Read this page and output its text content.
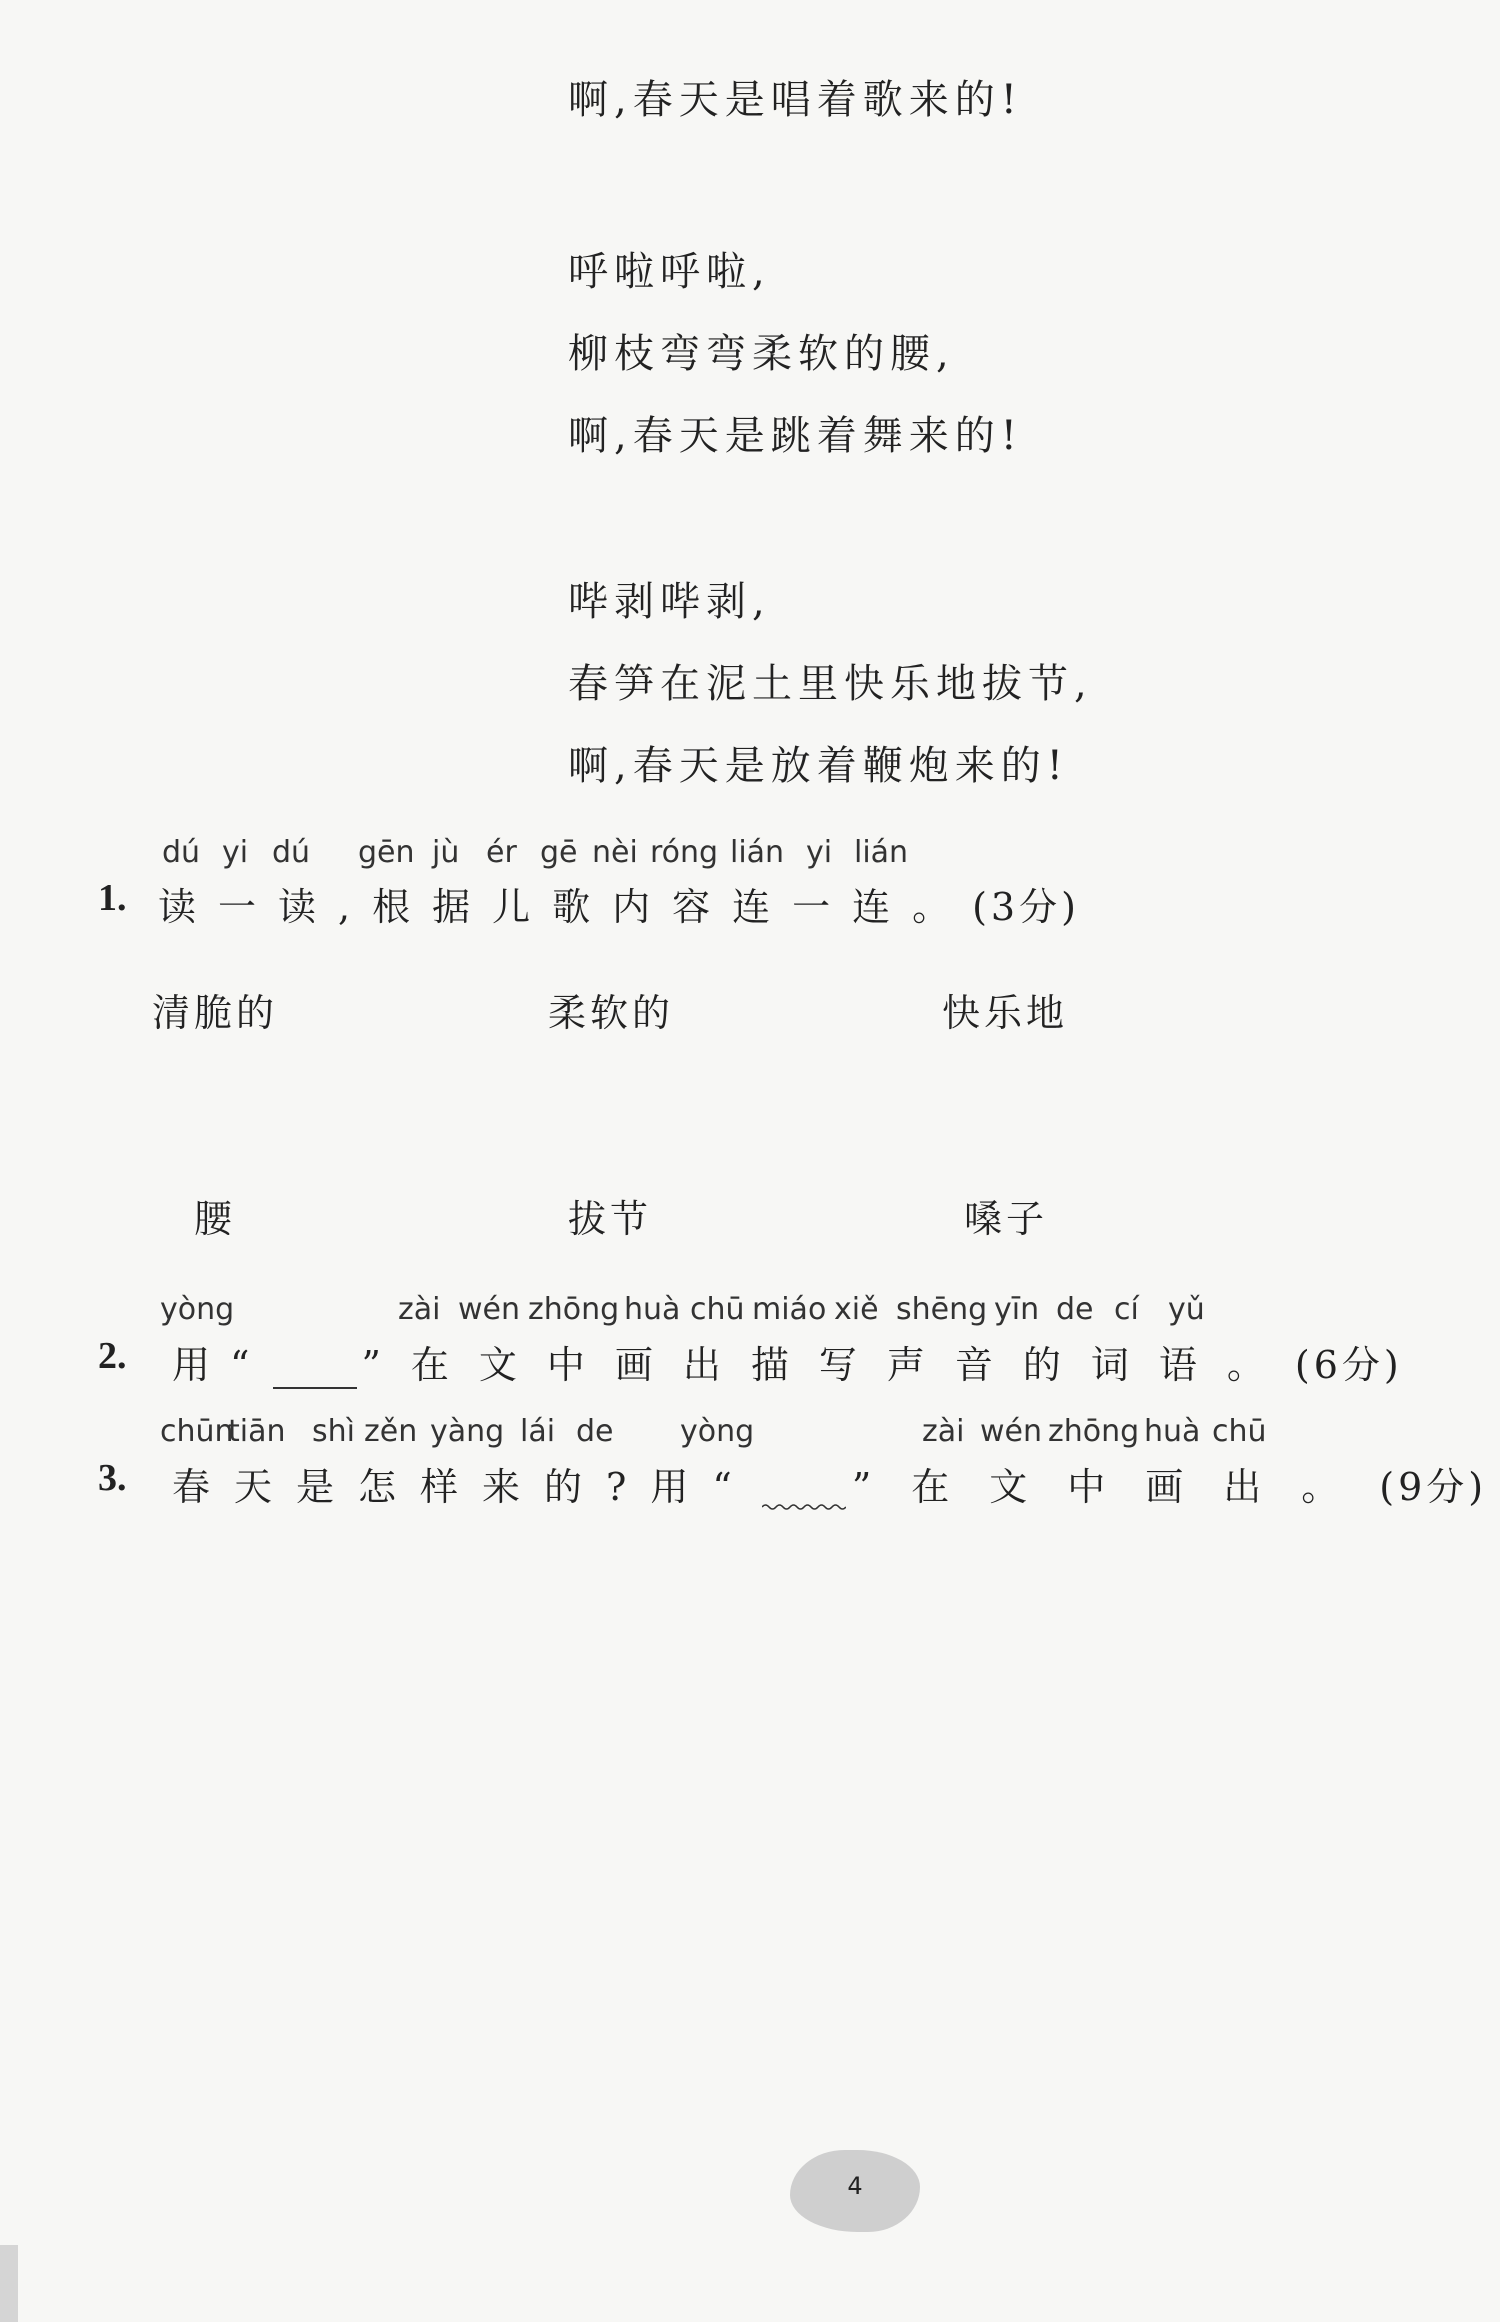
啊,春天是唱着歌来的!
呼啦呼啦,
柳枝弯弯柔软的腰,
啊,春天是跳着舞来的!
哔剥哔剥,
春笋在泥土里快乐地拔节,
啊,春天是放着鞭炮来的!
dú yi dú gēn jù ér gē nèi róng lián yi lián
1. 读一读,根据儿歌内容连一连。(3分)
清脆的	柔软的	快乐地
腰	拔节	嗓子
yòng	zài wén zhōng huà chū miáo xiě shēng yīn de cí yǔ
2. 用“ ”在文中画出描写声音的词语。(6分)
chūn
tiān shì zěn yàng lái de yòng	zài wén zhōng huà chū
3. 春天是怎样来的?用“	”在文中画出。(9分)
4
